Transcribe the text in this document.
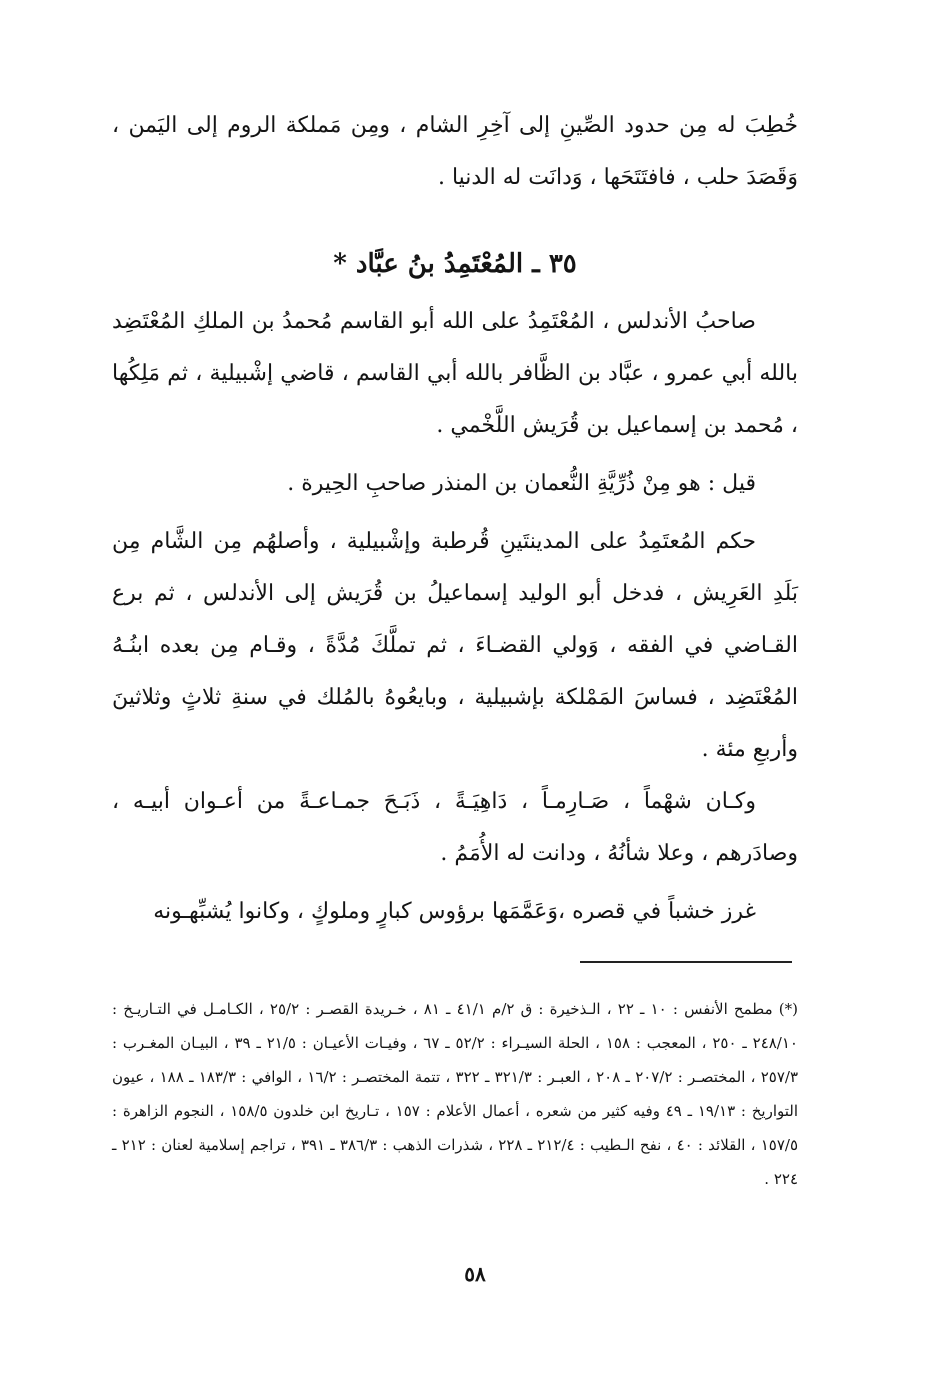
خُطِبَ له مِن حدود الصِّينِ إلى آخِرِ الشام ، ومِن مَملكة الروم إلى اليَمن ، وَقَصَدَ حلب ، فافتَتَحَها ، وَدانَت له الدنيا .
٣٥ ـ المُعْتَمِدُ بنُ عبَّاد *
صاحبُ الأندلس ، المُعْتَمِدُ على الله أبو القاسم مُحمدُ بن الملكِ المُعْتَضِد بالله أبي عمرو ، عبَّاد بن الظَّافر بالله أبي القاسم ، قاضي إشْبيلية ، ثم مَلِكُها ، مُحمد بن إسماعيل بن قُرَيش اللَّخْمي .
قيل : هو مِنْ ذُرِّيَّةِ النُّعمان بن المنذر صاحبِ الحِيرة .
حكم المُعتَمِدُ على المدينتَينِ قُرطبة وإشْبيلية ، وأصلهُم مِن الشَّام مِن بَلَدِ العَرِيش ، فدخل أبو الوليد إسماعيلُ بن قُرَيش إلى الأندلس ، ثم برع القـاضي في الفقه ، وَولي القضـاءَ ، ثم تملَّكَ مُدَّةً ، وقـام مِن بعده ابنُـهُ المُعْتَضِد ، فساسَ المَمْلكة بإشبيلية ، وبايعُوهُ بالمُلك في سنةِ ثلاثٍ وثلاثينَ وأربعِ مئة .
وكـان شهْماً ، صَـارِمـاً ، دَاهِيَـةً ، ذَبَـحَ جمـاعـةً من أعـوان أبيـه ، وصادَرهم ، وعلا شأنُهُ ، ودانت له الأُمَمُ .
غرز خشباً في قصره ،وَعَمَّمَها برؤوس كبارٍ وملوكٍ ، وكانوا يُشبِّهـونه
(*) مطمح الأنفس : ١٠ ـ ٢٢ ، الـذخيرة : ق ٢/م ٤١/١ ـ ٨١ ، خـريدة القصـر : ٢٥/٢ ، الكـامـل في التـاريـخ : ٢٤٨/١٠ ـ ٢٥٠ ، المعجب : ١٥٨ ، الحلة السيـراء : ٥٢/٢ ـ ٦٧ ، وفيـات الأعيـان : ٢١/٥ ـ ٣٩ ، البيـان المغـرب : ٢٥٧/٣ ، المختصـر : ٢٠٧/٢ ـ ٢٠٨ ، العبـر : ٣٢١/٣ ـ ٣٢٢ ، تتمة المختصـر : ١٦/٢ ، الوافي : ١٨٣/٣ ـ ١٨٨ ، عيون التواريخ : ١٩/١٣ ـ ٤٩ وفيه كثير من شعره ، أعمال الأعلام : ١٥٧ ، تـاريخ ابن خلدون ١٥٨/٥ ، النجوم الزاهرة : ١٥٧/٥ ، القلائد : ٤٠ ، نفح الـطيب : ٢١٢/٤ ـ ٢٢٨ ، شذرات الذهب : ٣٨٦/٣ ـ ٣٩١ ، تراجم إسلامية لعنان : ٢١٢ ـ ٢٢٤ .
٥٨
